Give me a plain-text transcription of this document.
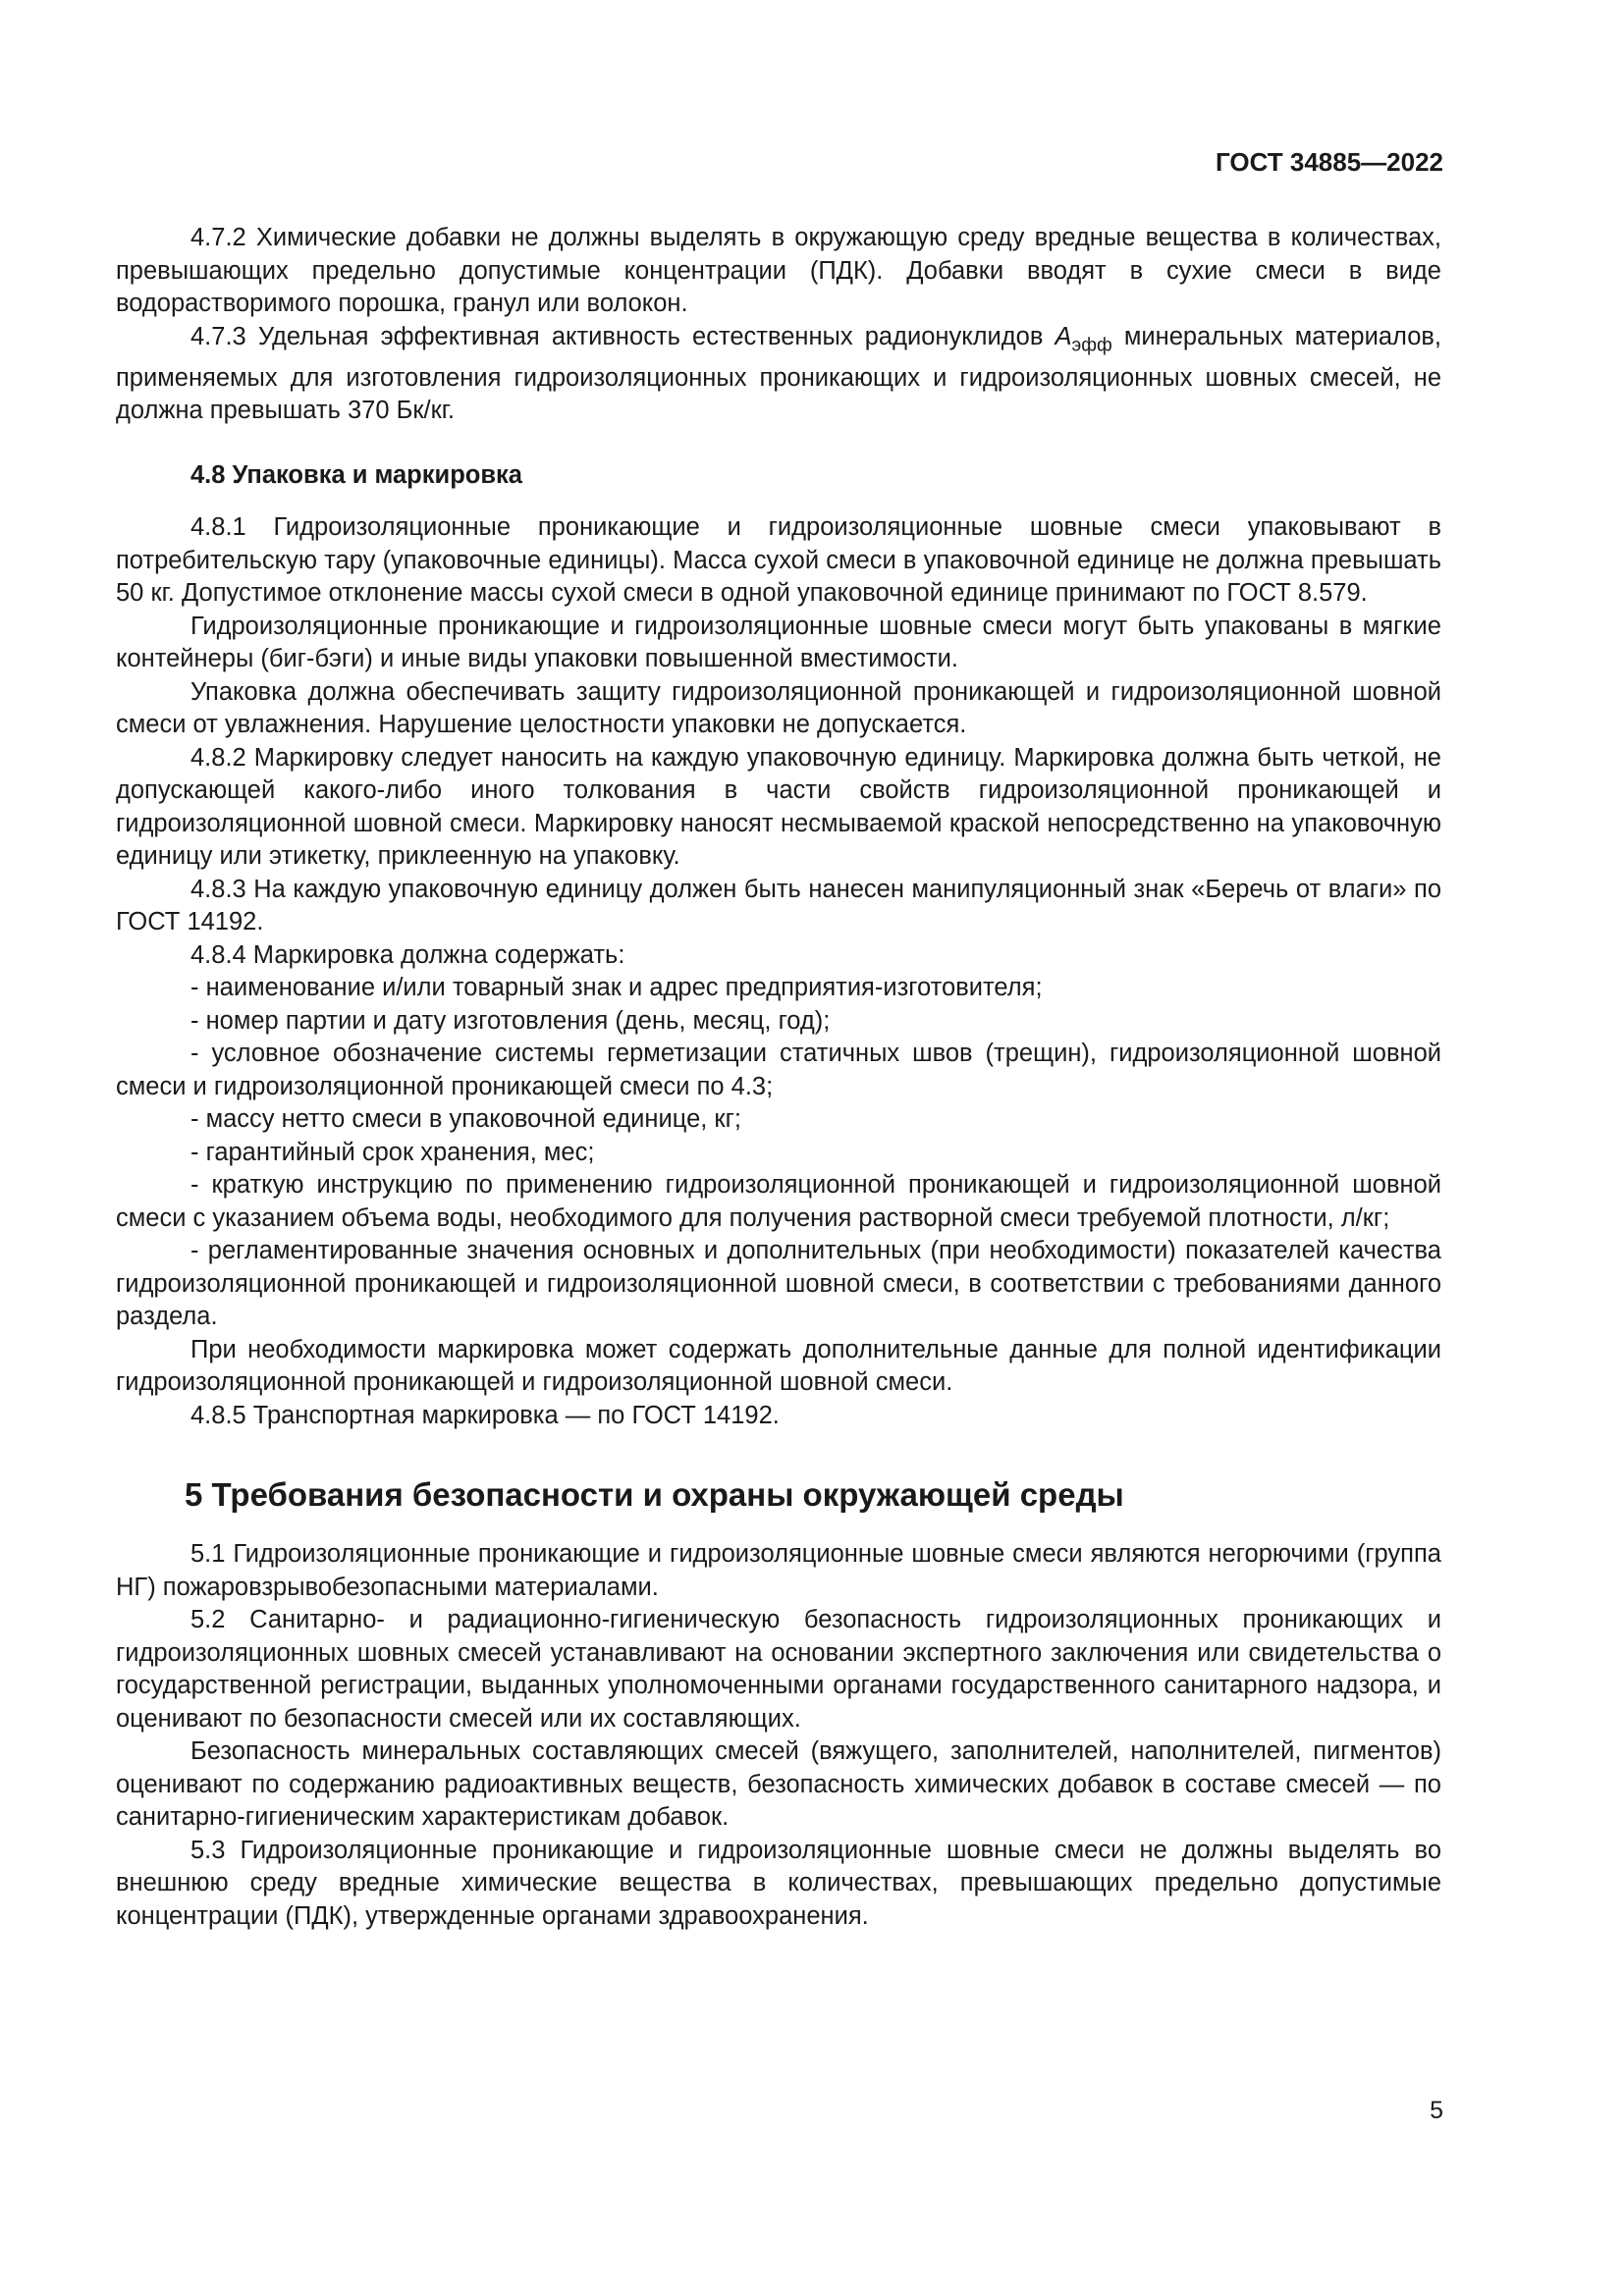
ГОСТ 34885—2022

4.7.2 Химические добавки не должны выделять в окружающую среду вредные вещества в количествах, превышающих предельно допустимые концентрации (ПДК). Добавки вводят в сухие смеси в виде водорастворимого порошка, гранул или волокон.

4.7.3 Удельная эффективная активность естественных радионуклидов $A_{эфф}$ минеральных материалов, применяемых для изготовления гидроизоляционных проникающих и гидроизоляционных шовных смесей, не должна превышать 370 Бк/кг.

4.8 Упаковка и маркировка

4.8.1 Гидроизоляционные проникающие и гидроизоляционные шовные смеси упаковывают в потребительскую тару (упаковочные единицы). Масса сухой смеси в упаковочной единице не должна превышать 50 кг. Допустимое отклонение массы сухой смеси в одной упаковочной единице принимают по ГОСТ 8.579.

Гидроизоляционные проникающие и гидроизоляционные шовные смеси могут быть упакованы в мягкие контейнеры (биг-бэги) и иные виды упаковки повышенной вместимости.

Упаковка должна обеспечивать защиту гидроизоляционной проникающей и гидроизоляционной шовной смеси от увлажнения. Нарушение целостности упаковки не допускается.

4.8.2 Маркировку следует наносить на каждую упаковочную единицу. Маркировка должна быть четкой, не допускающей какого-либо иного толкования в части свойств гидроизоляционной проникающей и гидроизоляционной шовной смеси. Маркировку наносят несмываемой краской непосредственно на упаковочную единицу или этикетку, приклеенную на упаковку.

4.8.3 На каждую упаковочную единицу должен быть нанесен манипуляционный знак «Беречь от влаги» по ГОСТ 14192.

4.8.4 Маркировка должна содержать:

- наименование и/или товарный знак и адрес предприятия-изготовителя;

- номер партии и дату изготовления (день, месяц, год);

- условное обозначение системы герметизации статичных швов (трещин), гидроизоляционной шовной смеси и гидроизоляционной проникающей смеси по 4.3;

- массу нетто смеси в упаковочной единице, кг;

- гарантийный срок хранения, мес;

- краткую инструкцию по применению гидроизоляционной проникающей и гидроизоляционной шовной смеси с указанием объема воды, необходимого для получения растворной смеси требуемой плотности, л/кг;

- регламентированные значения основных и дополнительных (при необходимости) показателей качества гидроизоляционной проникающей и гидроизоляционной шовной смеси, в соответствии с требованиями данного раздела.

При необходимости маркировка может содержать дополнительные данные для полной идентификации гидроизоляционной проникающей и гидроизоляционной шовной смеси.

4.8.5 Транспортная маркировка — по ГОСТ 14192.

5 Требования безопасности и охраны окружающей среды

5.1 Гидроизоляционные проникающие и гидроизоляционные шовные смеси являются негорючими (группа НГ) пожаровзрывобезопасными материалами.

5.2 Санитарно- и радиационно-гигиеническую безопасность гидроизоляционных проникающих и гидроизоляционных шовных смесей устанавливают на основании экспертного заключения или свидетельства о государственной регистрации, выданных уполномоченными органами государственного санитарного надзора, и оценивают по безопасности смесей или их составляющих.

Безопасность минеральных составляющих смесей (вяжущего, заполнителей, наполнителей, пигментов) оценивают по содержанию радиоактивных веществ, безопасность химических добавок в составе смесей — по санитарно-гигиеническим характеристикам добавок.

5.3 Гидроизоляционные проникающие и гидроизоляционные шовные смеси не должны выделять во внешнюю среду вредные химические вещества в количествах, превышающих предельно допустимые концентрации (ПДК), утвержденные органами здравоохранения.

5
